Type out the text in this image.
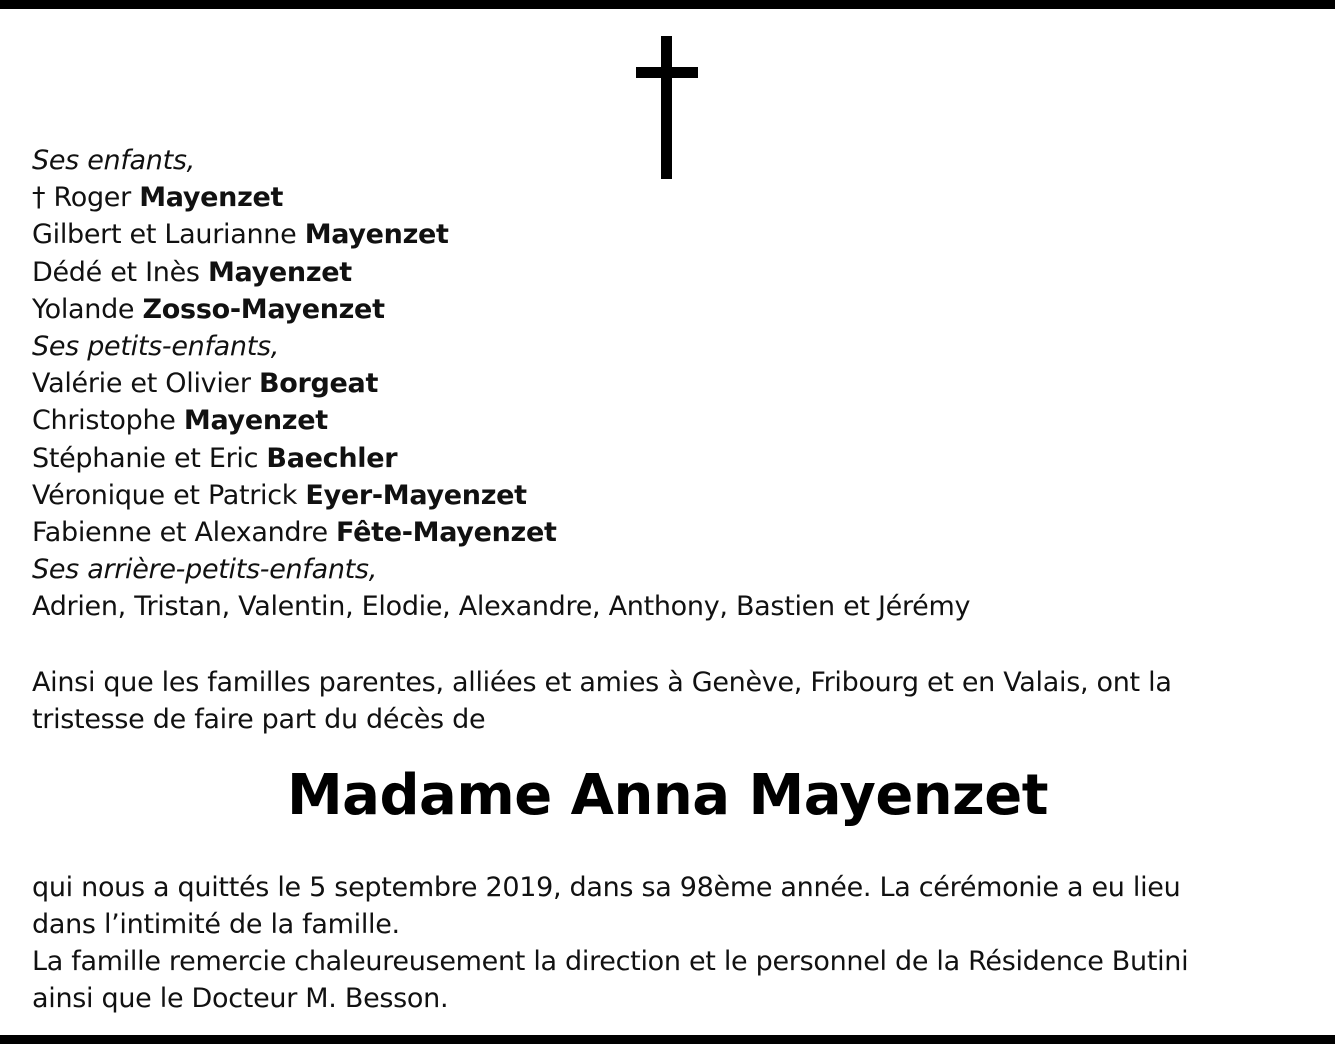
Ses enfants,
† Roger Mayenzet
Gilbert et Laurianne Mayenzet
Dédé et Inès Mayenzet
Yolande Zosso-Mayenzet
Ses petits-enfants,
Valérie et Olivier Borgeat
Christophe Mayenzet
Stéphanie et Eric Baechler
Véronique et Patrick Eyer-Mayenzet
Fabienne et Alexandre Fête-Mayenzet
Ses arrière-petits-enfants,
Adrien, Tristan, Valentin, Elodie, Alexandre, Anthony, Bastien et Jérémy
Ainsi que les familles parentes, alliées et amies à Genève, Fribourg et en Valais, ont la
tristesse de faire part du décès de
Madame Anna Mayenzet
qui nous a quittés le 5 septembre 2019, dans sa 98ème année. La cérémonie a eu lieu
dans l’intimité de la famille.
La famille remercie chaleureusement la direction et le personnel de la Résidence Butini
ainsi que le Docteur M. Besson.
